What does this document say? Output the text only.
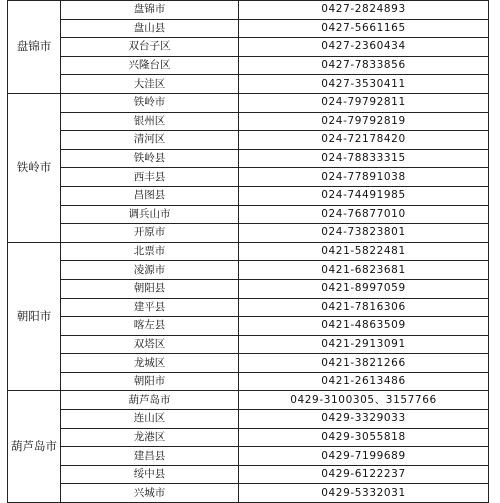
盘锦市	盘锦市	0427-2824893
	盘山县	0427-5661165
	双台子区	0427-2360434
	兴隆台区	0427-7833856
	大洼区	0427-3530411
铁岭市	铁岭市	024-79792811
	银州区	024-79792819
	清河区	024-72178420
	铁岭县	024-78833315
	西丰县	024-77891038
	昌图县	024-74491985
	调兵山市	024-76877010
	开原市	024-73823801
朝阳市	北票市	0421-5822481
	凌源市	0421-6823681
	朝阳县	0421-8997059
	建平县	0421-7816306
	喀左县	0421-4863509
	双塔区	0421-2913091
	龙城区	0421-3821266
	朝阳市	0421-2613486
葫芦岛市	葫芦岛市	0429-3100305、3157766
	连山区	0429-3329033
	龙港区	0429-3055818
	建昌县	0429-7199689
	绥中县	0429-6122237
	兴城市	0429-5332031
